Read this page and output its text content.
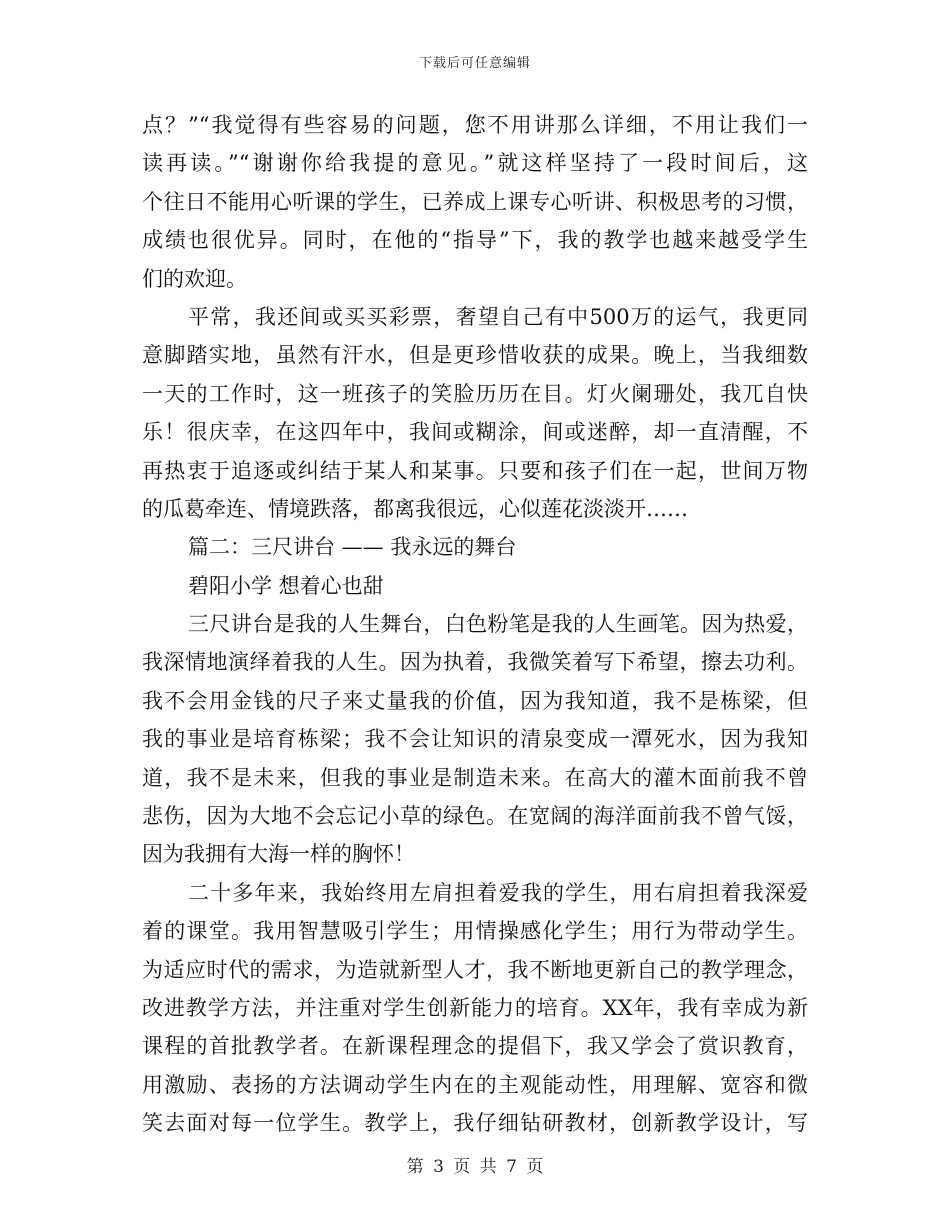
下载后可任意编辑
点？”“我觉得有些容易的问题，您不用讲那么详细，不用让我们一
读再读。”“谢谢你给我提的意见。”就这样坚持了一段时间后，这
个往日不能用心听课的学生，已养成上课专心听讲、积极思考的习惯，
成绩也很优异。同时，在他的“指导”下，我的教学也越来越受学生
们的欢迎。
平常，我还间或买买彩票，奢望自己有中500万的运气，我更同
意脚踏实地，虽然有汗水，但是更珍惜收获的成果。晚上，当我细数
一天的工作时，这一班孩子的笑脸历历在目。灯火阑珊处，我兀自快
乐！很庆幸，在这四年中，我间或糊涂，间或迷醉，却一直清醒，不
再热衷于追逐或纠结于某人和某事。只要和孩子们在一起，世间万物
的瓜葛牵连、情境跌落，都离我很远，心似莲花淡淡开……
篇二：三尺讲台 —— 我永远的舞台
碧阳小学 想着心也甜
三尺讲台是我的人生舞台，白色粉笔是我的人生画笔。因为热爱，
我深情地演绎着我的人生。因为执着，我微笑着写下希望，擦去功利。
我不会用金钱的尺子来丈量我的价值，因为我知道，我不是栋梁，但
我的事业是培育栋梁；我不会让知识的清泉变成一潭死水，因为我知
道，我不是未来，但我的事业是制造未来。在高大的灌木面前我不曾
悲伤，因为大地不会忘记小草的绿色。在宽阔的海洋面前我不曾气馁，
因为我拥有大海一样的胸怀！
二十多年来，我始终用左肩担着爱我的学生，用右肩担着我深爱
着的课堂。我用智慧吸引学生；用情操感化学生；用行为带动学生。
为适应时代的需求，为造就新型人才，我不断地更新自己的教学理念，
改进教学方法，并注重对学生创新能力的培育。XX年，我有幸成为新
课程的首批教学者。在新课程理念的提倡下，我又学会了赏识教育，
用激励、表扬的方法调动学生内在的主观能动性，用理解、宽容和微
笑去面对每一位学生。教学上，我仔细钻研教材，创新教学设计，写
第 3 页 共 7 页
